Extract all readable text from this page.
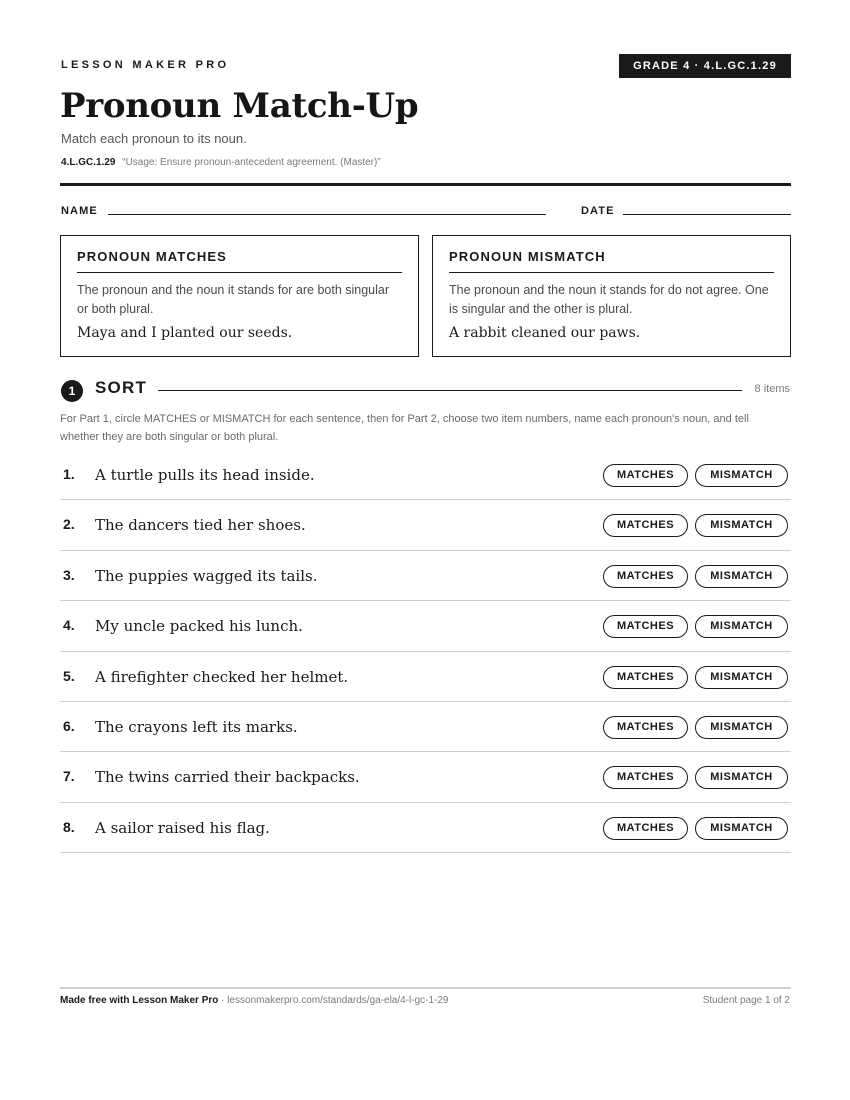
LESSON MAKER PRO	GRADE 4 · 4.L.GC.1.29
Pronoun Match-Up
Match each pronoun to its noun.
4.L.GC.1.29 “Usage: Ensure pronoun-antecedent agreement. (Master)”
NAME	DATE
PRONOUN MATCHES
The pronoun and the noun it stands for are both singular or both plural.
Maya and I planted our seeds.
PRONOUN MISMATCH
The pronoun and the noun it stands for do not agree. One is singular and the other is plural.
A rabbit cleaned our paws.
1	SORT	8 items
For Part 1, circle MATCHES or MISMATCH for each sentence, then for Part 2, choose two item numbers, name each pronoun's noun, and tell whether they are both singular or both plural.
1. A turtle pulls its head inside.	MATCHES	MISMATCH
2. The dancers tied her shoes.	MATCHES	MISMATCH
3. The puppies wagged its tails.	MATCHES	MISMATCH
4. My uncle packed his lunch.	MATCHES	MISMATCH
5. A firefighter checked her helmet.	MATCHES	MISMATCH
6. The crayons left its marks.	MATCHES	MISMATCH
7. The twins carried their backpacks.	MATCHES	MISMATCH
8. A sailor raised his flag.	MATCHES	MISMATCH
Made free with Lesson Maker Pro · lessonmakerpro.com/standards/ga-ela/4-l-gc-1-29	Student page 1 of 2
